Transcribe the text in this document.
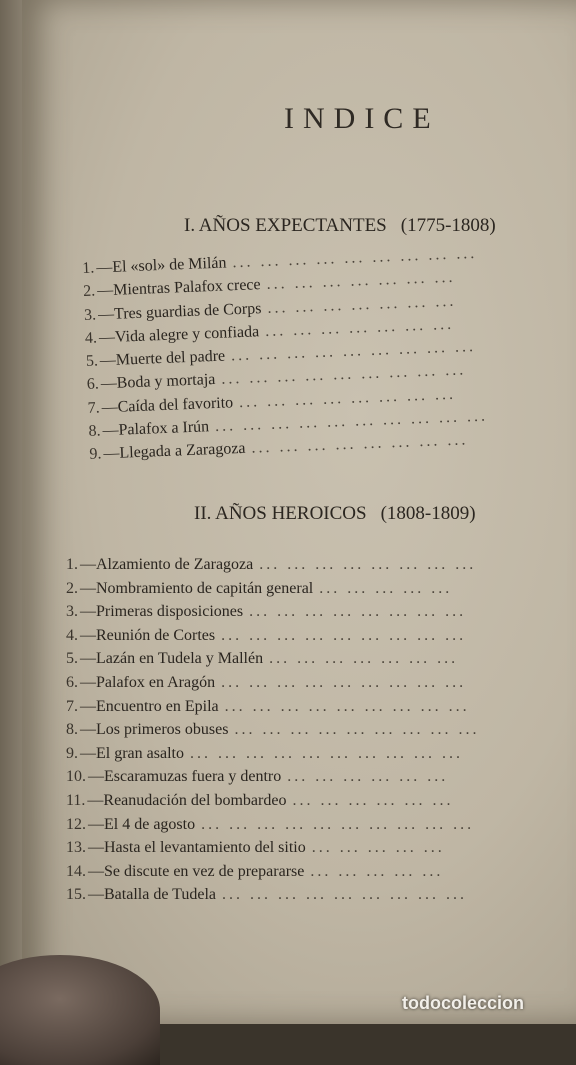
INDICE
I. AÑOS EXPECTANTES (1775-1808)
1. —El «sol» de Milán ... ... ... ... ... ... ... ... ...
2. —Mientras Palafox crece ... ... ... ... ... ... ...
3. —Tres guardias de Corps ... ... ... ... ... ... ...
4. —Vida alegre y confiada ... ... ... ... ... ... ...
5. —Muerte del padre ... ... ... ... ... ... ... ... ...
6. —Boda y mortaja ... ... ... ... ... ... ... ... ...
7. —Caída del favorito ... ... ... ... ... ... ... ...
8. —Palafox a Irún ... ... ... ... ... ... ... ... ... ...
9. —Llegada a Zaragoza ... ... ... ... ... ... ... ...
II. AÑOS HEROICOS (1808-1809)
1. —Alzamiento de Zaragoza ... ... ... ... ... ... ... ...
2. —Nombramiento de capitán general ... ... ... ... ...
3. —Primeras disposiciones ... ... ... ... ... ... ... ...
4. —Reunión de Cortes ... ... ... ... ... ... ... ... ...
5. —Lazán en Tudela y Mallén ... ... ... ... ... ... ...
6. —Palafox en Aragón ... ... ... ... ... ... ... ... ...
7. —Encuentro en Epila ... ... ... ... ... ... ... ... ...
8. —Los primeros obuses ... ... ... ... ... ... ... ... ...
9. —El gran asalto ... ... ... ... ... ... ... ... ... ...
10. —Escaramuzas fuera y dentro ... ... ... ... ... ...
11. —Reanudación del bombardeo ... ... ... ... ... ...
12. —El 4 de agosto ... ... ... ... ... ... ... ... ... ...
13. —Hasta el levantamiento del sitio ... ... ... ... ...
14. —Se discute en vez de prepararse ... ... ... ... ...
15. —Batalla de Tudela ... ... ... ... ... ... ... ... ...

todocoleccion
